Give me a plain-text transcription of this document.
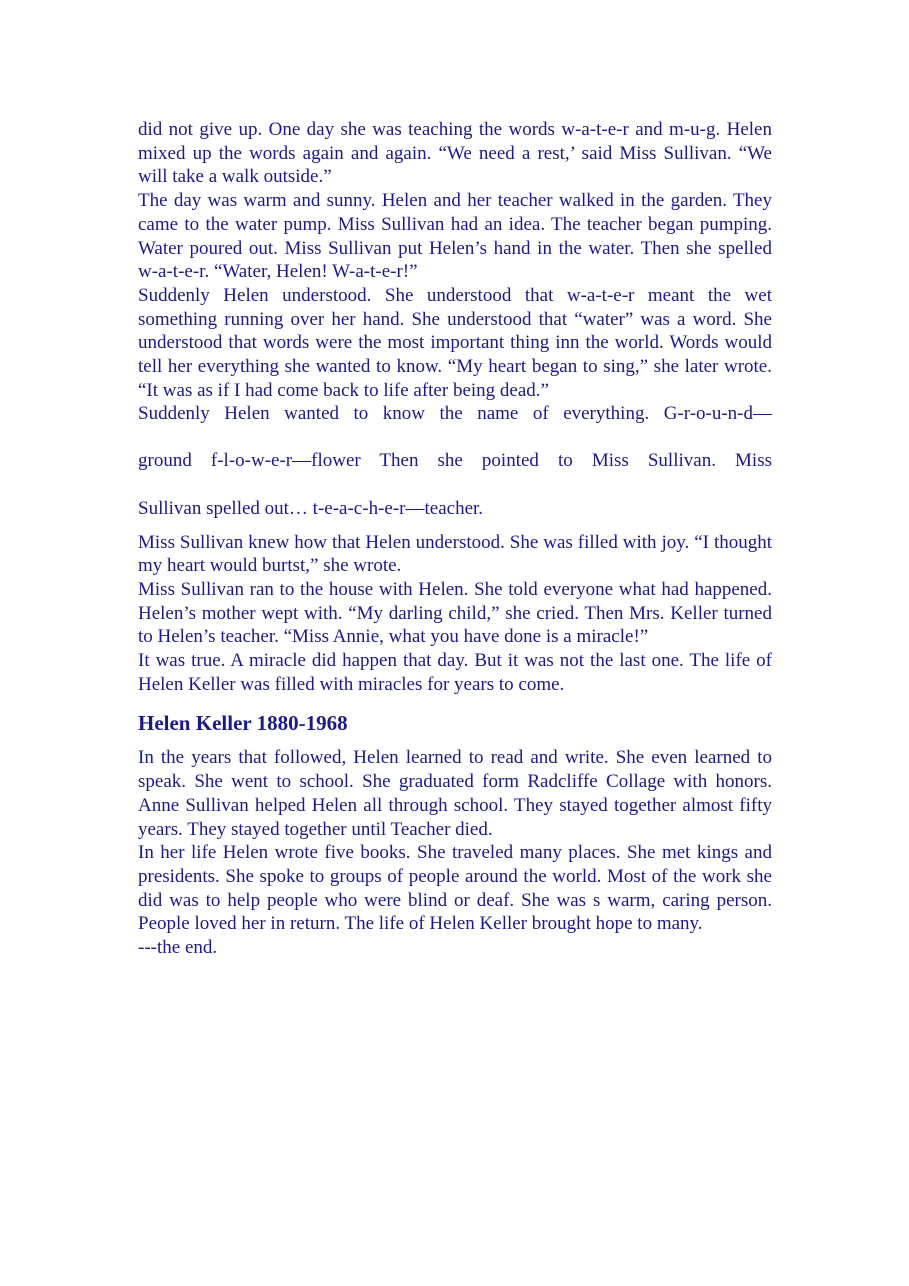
did not give up. One day she was teaching the words w-a-t-e-r and m-u-g. Helen mixed up the words again and again. “We need a rest,’ said Miss Sullivan. “We will take a walk outside.”

The day was warm and sunny. Helen and her teacher walked in the garden. They came to the water pump. Miss Sullivan had an idea. The teacher began pumping. Water poured out. Miss Sullivan put Helen’s hand in the water. Then she spelled w-a-t-e-r. “Water, Helen! W-a-t-e-r!”

Suddenly Helen understood. She understood that w-a-t-e-r meant the wet something running over her hand. She understood that “water” was a word. She understood that words were the most important thing inn the world. Words would tell her everything she wanted to know. “My heart began to sing,” she later wrote. “It was as if I had come back to life after being dead.”

Suddenly Helen wanted to know the name of everything. G-r-o-u-n-d—

ground f-l-o-w-e-r—flower Then she pointed to Miss Sullivan. Miss

Sullivan spelled out… t-e-a-c-h-e-r—teacher.

Miss Sullivan knew how that Helen understood. She was filled with joy. “I thought my heart would burtst,” she wrote.

Miss Sullivan ran to the house with Helen. She told everyone what had happened. Helen’s mother wept with. “My darling child,” she cried. Then Mrs. Keller turned to Helen’s teacher. “Miss Annie, what you have done is a miracle!”

It was true. A miracle did happen that day. But it was not the last one. The life of Helen Keller was filled with miracles for years to come.

Helen Keller 1880-1968

In the years that followed, Helen learned to read and write. She even learned to speak. She went to school. She graduated form Radcliffe Collage with honors. Anne Sullivan helped Helen all through school. They stayed together almost fifty years. They stayed together until Teacher died.

In her life Helen wrote five books. She traveled many places. She met kings and presidents. She spoke to groups of people around the world. Most of the work she did was to help people who were blind or deaf. She was s warm, caring person. People loved her in return. The life of Helen Keller brought hope to many.

---the end.
